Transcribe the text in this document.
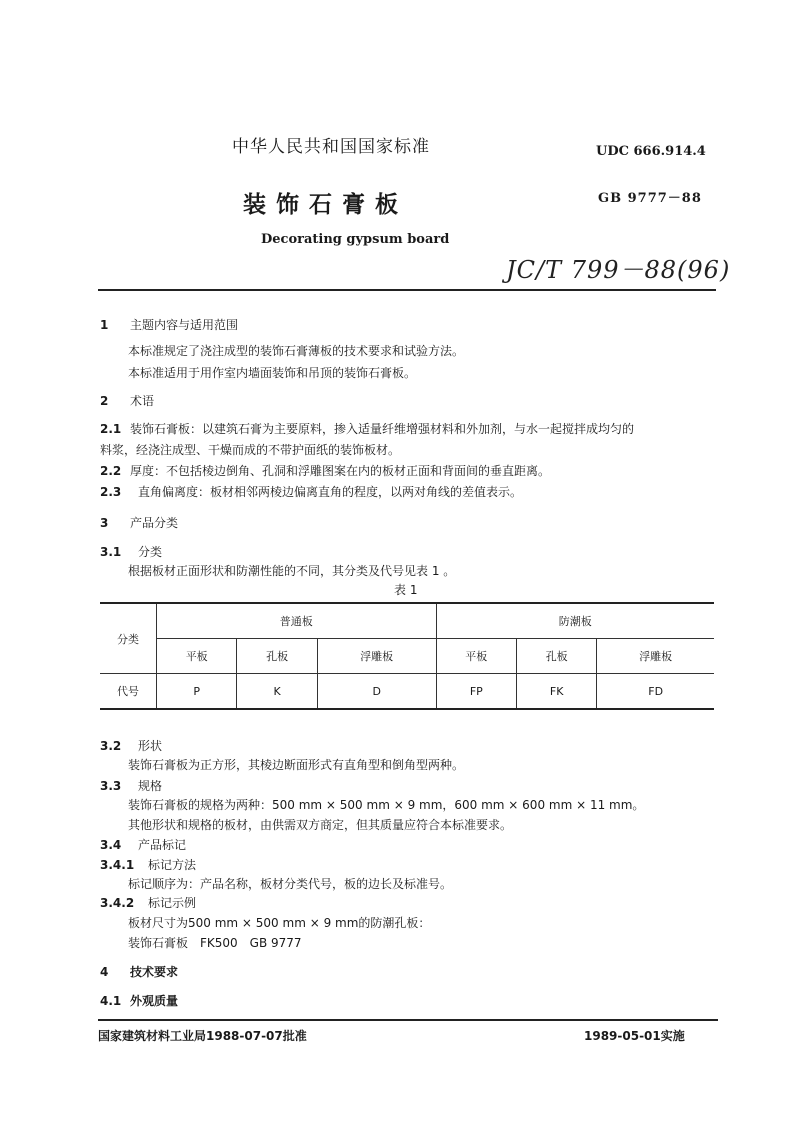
中华人民共和国国家标准	UDC 666.914.4
装饰石膏板	GB 9777－88
Decorating gypsum board
JC/T 799－88(96)
1 主题内容与适用范围
本标准规定了浇注成型的装饰石膏薄板的技术要求和试验方法。
本标准适用于用作室内墙面装饰和吊顶的装饰石膏板。
2 术语
2.1 装饰石膏板：以建筑石膏为主要原料，掺入适量纤维增强材料和外加剂，与水一起搅拌成均匀的
料浆，经浇注成型、干燥而成的不带护面纸的装饰板材。
2.2 厚度：不包括棱边倒角、孔洞和浮雕图案在内的板材正面和背面间的垂直距离。
2.3 直角偏离度：板材相邻两棱边偏离直角的程度，以两对角线的差值表示。
3 产品分类
3.1 分类
根据板材正面形状和防潮性能的不同，其分类及代号见表 1 。
表 1
分类	普通板			防潮板		
	平板	孔板	浮雕板	平板	孔板	浮雕板
代号	P	K	D	FP	FK	FD
3.2 形状
装饰石膏板为正方形，其棱边断面形式有直角型和倒角型两种。
3.3 规格
装饰石膏板的规格为两种：500 mm × 500 mm × 9 mm，600 mm × 600 mm × 11 mm。
其他形状和规格的板材，由供需双方商定，但其质量应符合本标准要求。
3.4 产品标记
3.4.1 标记方法
标记顺序为：产品名称，板材分类代号，板的边长及标准号。
3.4.2 标记示例
板材尺寸为500 mm × 500 mm × 9 mm的防潮孔板：
装饰石膏板　FK500　GB 9777
4 技术要求
4.1 外观质量
国家建筑材料工业局1988-07-07批准	1989-05-01实施
